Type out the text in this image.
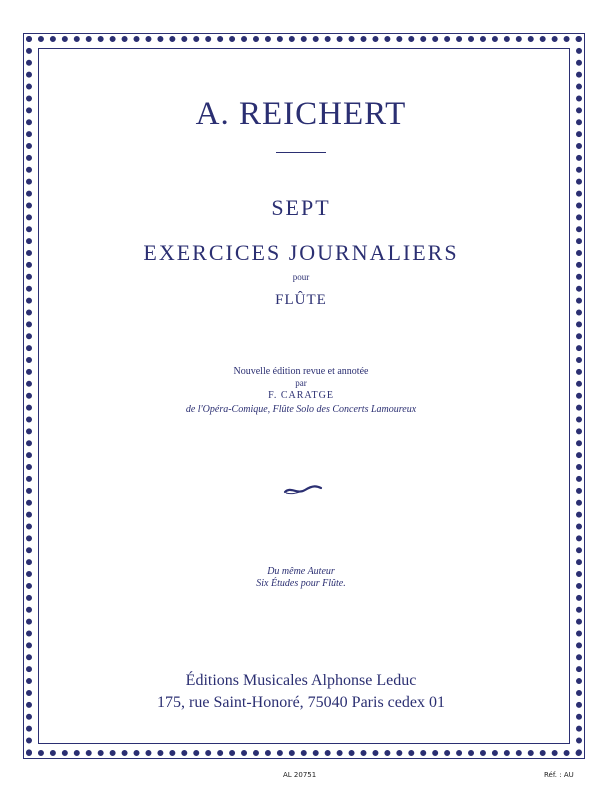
A. REICHERT
SEPT
EXERCICES JOURNALIERS
pour
FLÛTE
Nouvelle édition revue et annotée
par
F. CARATGE
de l'Opéra-Comique, Flûte Solo des Concerts Lamoureux
Du même Auteur
Six Études pour Flûte.
Éditions Musicales Alphonse Leduc
175, rue Saint-Honoré, 75040 Paris cedex 01
AL 20751	Réf. : AU
